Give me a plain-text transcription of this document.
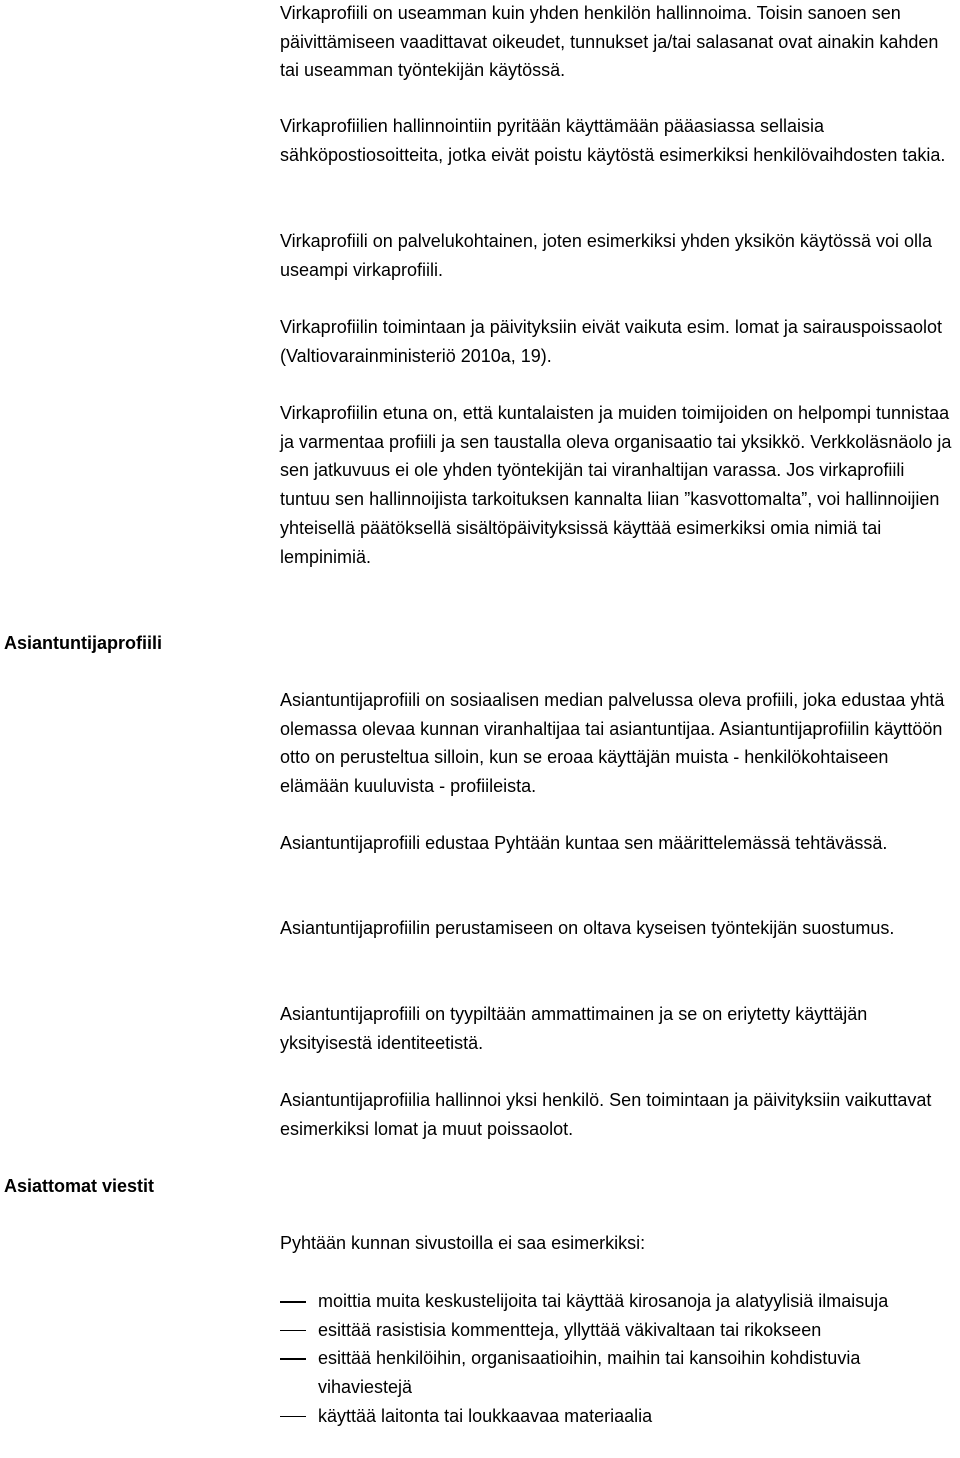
Virkaprofiili on useamman kuin yhden henkilön hallinnoima. Toisin sanoen sen päivittämiseen vaadittavat oikeudet, tunnukset ja/tai salasanat ovat ainakin kahden tai useamman työntekijän käytössä.

Virkaprofiilien hallinnointiin pyritään käyttämään pääasiassa sellaisia sähköpostiosoitteita, jotka eivät poistu käytöstä esimerkiksi henkilövaihdosten takia.

Virkaprofiili on palvelukohtainen, joten esimerkiksi yhden yksikön käytössä voi olla useampi virkaprofiili.

Virkaprofiilin toimintaan ja päivityksiin eivät vaikuta esim. lomat ja sairauspoissaolot (Valtiovarainministeriö 2010a, 19).

Virkaprofiilin etuna on, että kuntalaisten ja muiden toimijoiden on helpompi tunnistaa ja varmentaa profiili ja sen taustalla oleva organisaatio tai yksikkö. Verkkoläsnäolo ja sen jatkuvuus ei ole yhden työntekijän tai viranhaltijan varassa. Jos virkaprofiili tuntuu sen hallinnoijista tarkoituksen kannalta liian ”kasvottomalta”, voi hallinnoijien yhteisellä päätöksellä sisältöpäivityksissä käyttää esimerkiksi omia nimiä tai lempinimiä.

Asiantuntijaprofiili

Asiantuntijaprofiili on sosiaalisen median palvelussa oleva profiili, joka edustaa yhtä olemassa olevaa kunnan viranhaltijaa tai asiantuntijaa. Asiantuntijaprofiilin käyttöön otto on perusteltua silloin, kun se eroaa käyttäjän muista - henkilökohtaiseen elämään kuuluvista - profiileista.

Asiantuntijaprofiili edustaa Pyhtään kuntaa sen määrittelemässä tehtävässä.

Asiantuntijaprofiilin perustamiseen on oltava kyseisen työntekijän suostumus.

Asiantuntijaprofiili on tyypiltään ammattimainen ja se on eriytetty käyttäjän yksityisestä identiteetistä.

Asiantuntijaprofiilia hallinnoi yksi henkilö. Sen toimintaan ja päivityksiin vaikuttavat esimerkiksi lomat ja muut poissaolot.

Asiattomat viestit

Pyhtään kunnan sivustoilla ei saa esimerkiksi:

moittia muita keskustelijoita tai käyttää kirosanoja ja alatyylisiä ilmaisuja
esittää rasistisia kommentteja, yllyttää väkivaltaan tai rikokseen
esittää henkilöihin, organisaatioihin, maihin tai kansoihin kohdistuvia vihaviestejä
käyttää laitonta tai loukkaavaa materiaalia
